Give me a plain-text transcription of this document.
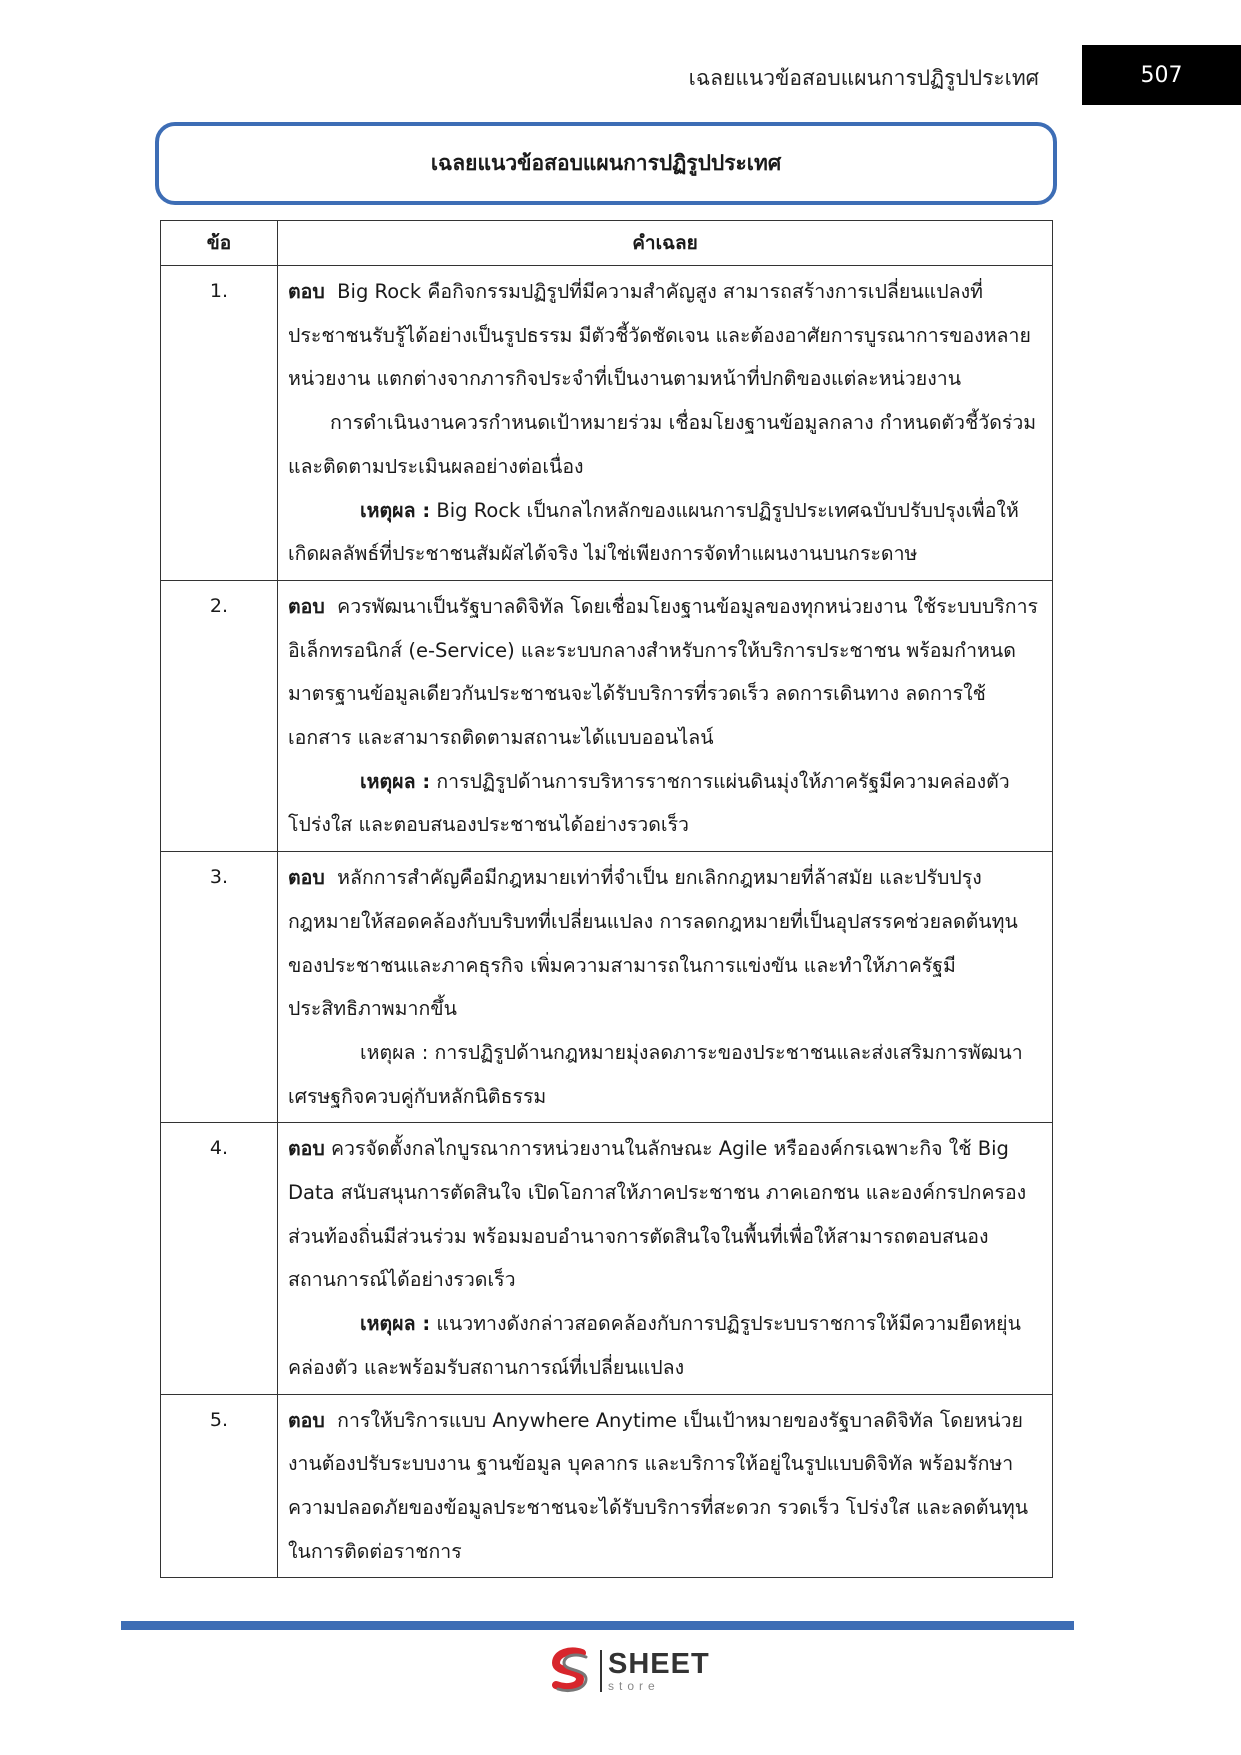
เฉลยแนวข้อสอบแผนการปฏิรูปประเทศ	507
เฉลยแนวข้อสอบแผนการปฏิรูปประเทศ
ข้อ	คำเฉลย
1.	ตอบ Big Rock คือกิจกรรมปฏิรูปที่มีความสำคัญสูง สามารถสร้างการเปลี่ยนแปลงที่ประชาชนรับรู้ได้อย่างเป็นรูปธรรม มีตัวชี้วัดชัดเจน และต้องอาศัยการบูรณาการของหลายหน่วยงาน แตกต่างจากภารกิจประจำที่เป็นงานตามหน้าที่ปกติของแต่ละหน่วยงาน

การดำเนินงานควรกำหนดเป้าหมายร่วม เชื่อมโยงฐานข้อมูลกลาง กำหนดตัวชี้วัดร่วม และติดตามประเมินผลอย่างต่อเนื่อง

เหตุผล : Big Rock เป็นกลไกหลักของแผนการปฏิรูปประเทศฉบับปรับปรุงเพื่อให้เกิดผลลัพธ์ที่ประชาชนสัมผัสได้จริง ไม่ใช่เพียงการจัดทำแผนงานบนกระดาษ

2.	ตอบ ควรพัฒนาเป็นรัฐบาลดิจิทัล โดยเชื่อมโยงฐานข้อมูลของทุกหน่วยงาน ใช้ระบบบริการอิเล็กทรอนิกส์ (e-Service) และระบบกลางสำหรับการให้บริการประชาชน พร้อมกำหนดมาตรฐานข้อมูลเดียวกันประชาชนจะได้รับบริการที่รวดเร็ว ลดการเดินทาง ลดการใช้เอกสาร และสามารถติดตามสถานะได้แบบออนไลน์

เหตุผล : การปฏิรูปด้านการบริหารราชการแผ่นดินมุ่งให้ภาครัฐมีความคล่องตัว โปร่งใส และตอบสนองประชาชนได้อย่างรวดเร็ว

3.	ตอบ หลักการสำคัญคือมีกฎหมายเท่าที่จำเป็น ยกเลิกกฎหมายที่ล้าสมัย และปรับปรุงกฎหมายให้สอดคล้องกับบริบทที่เปลี่ยนแปลง การลดกฎหมายที่เป็นอุปสรรคช่วยลดต้นทุนของประชาชนและภาคธุรกิจ เพิ่มความสามารถในการแข่งขัน และทำให้ภาครัฐมีประสิทธิภาพมากขึ้น

เหตุผล : การปฏิรูปด้านกฎหมายมุ่งลดภาระของประชาชนและส่งเสริมการพัฒนาเศรษฐกิจควบคู่กับหลักนิติธรรม

4.	ตอบ ควรจัดตั้งกลไกบูรณาการหน่วยงานในลักษณะ Agile หรือองค์กรเฉพาะกิจ ใช้ Big Data สนับสนุนการตัดสินใจ เปิดโอกาสให้ภาคประชาชน ภาคเอกชน และองค์กรปกครองส่วนท้องถิ่นมีส่วนร่วม พร้อมมอบอำนาจการตัดสินใจในพื้นที่เพื่อให้สามารถตอบสนองสถานการณ์ได้อย่างรวดเร็ว

เหตุผล : แนวทางดังกล่าวสอดคล้องกับการปฏิรูประบบราชการให้มีความยืดหยุ่น คล่องตัว และพร้อมรับสถานการณ์ที่เปลี่ยนแปลง

5.	ตอบ การให้บริการแบบ Anywhere Anytime เป็นเป้าหมายของรัฐบาลดิจิทัล โดยหน่วยงานต้องปรับระบบงาน ฐานข้อมูล บุคลากร และบริการให้อยู่ในรูปแบบดิจิทัล พร้อมรักษาความปลอดภัยของข้อมูลประชาชนจะได้รับบริการที่สะดวก รวดเร็ว โปร่งใส และลดต้นทุนในการติดต่อราชการ

SHEET
store
